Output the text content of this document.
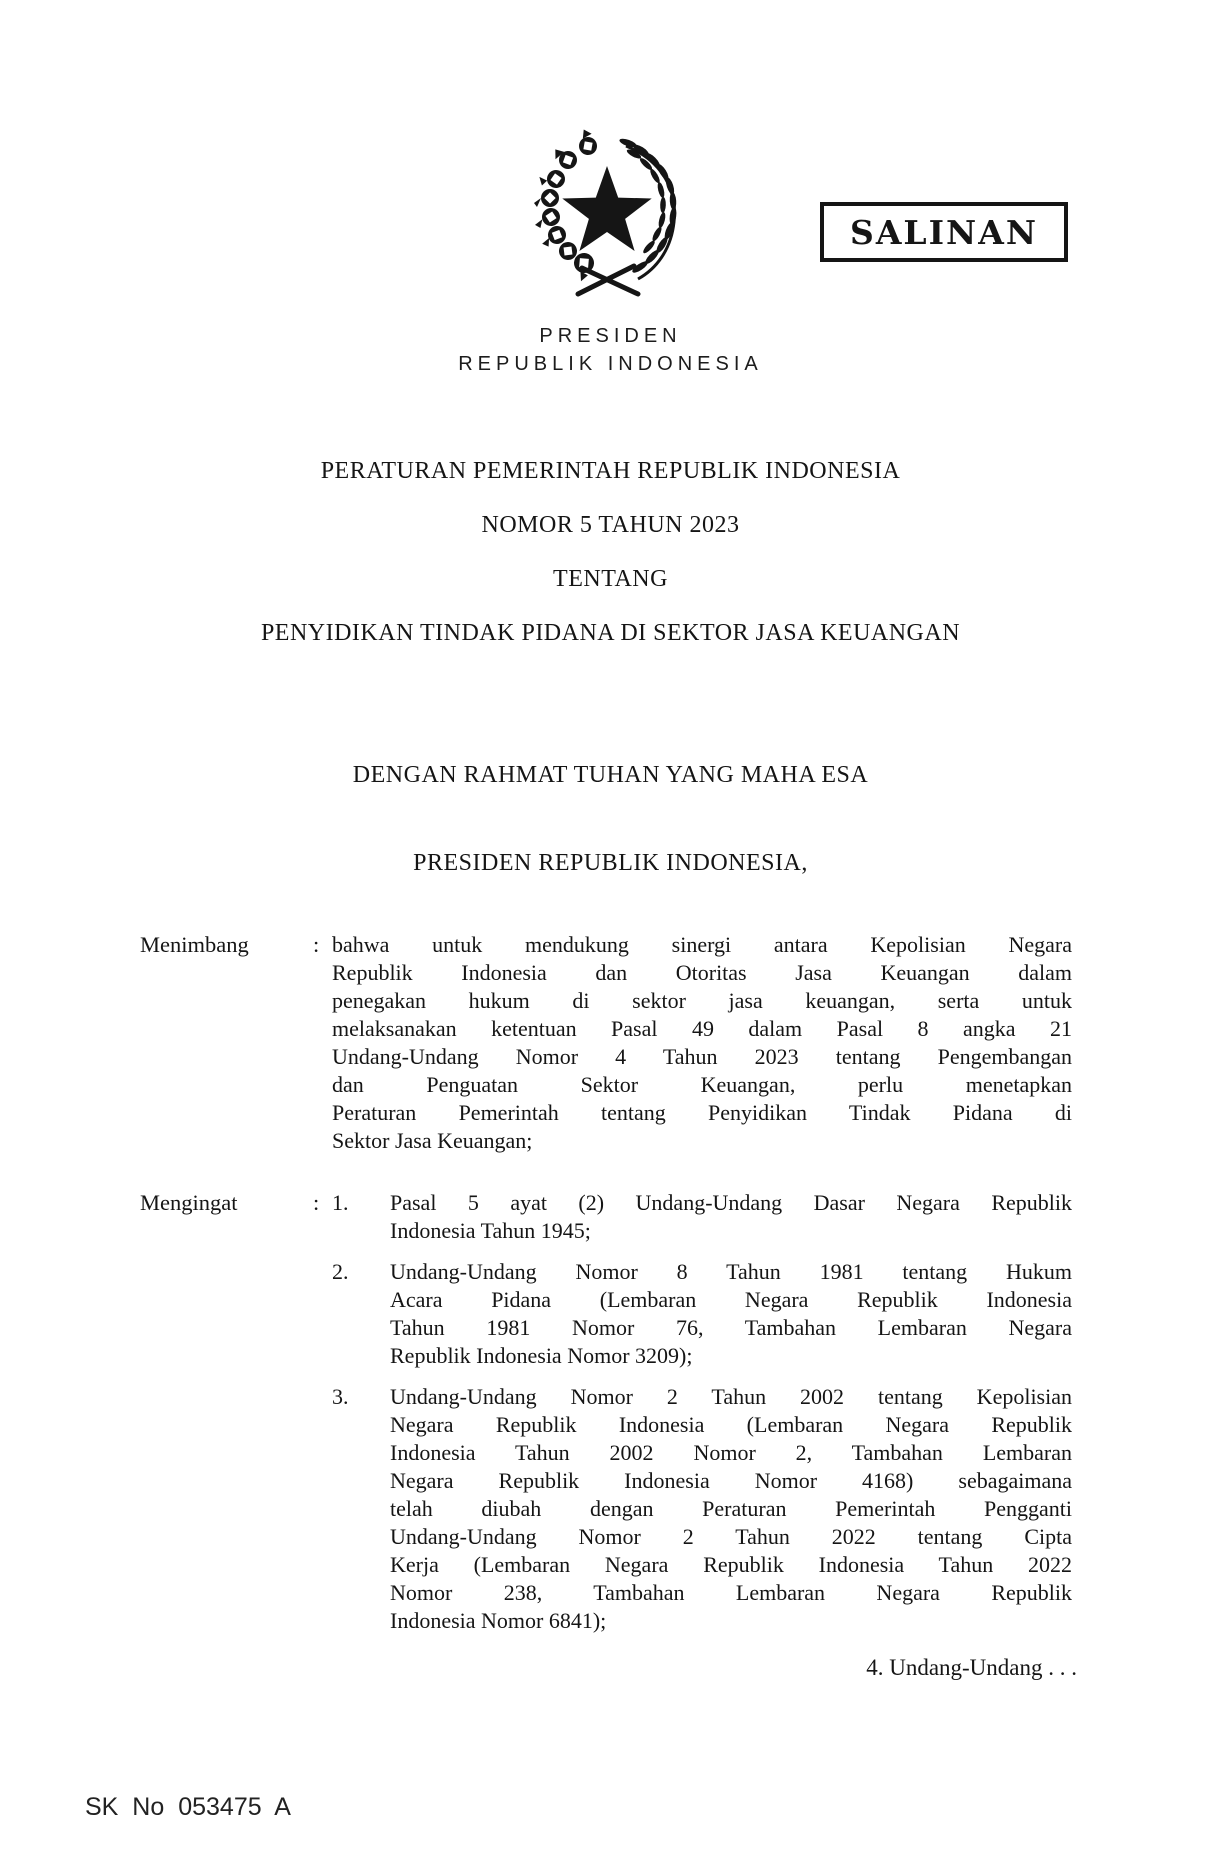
SALINAN
PRESIDEN
REPUBLIK INDONESIA
PERATURAN PEMERINTAH REPUBLIK INDONESIA
NOMOR 5 TAHUN 2023
TENTANG
PENYIDIKAN TINDAK PIDANA DI SEKTOR JASA KEUANGAN
DENGAN RAHMAT TUHAN YANG MAHA ESA
PRESIDEN REPUBLIK INDONESIA,
Menimbang	: bahwa untuk mendukung sinergi antara Kepolisian Negara
Republik Indonesia dan Otoritas Jasa Keuangan dalam
penegakan hukum di sektor jasa keuangan, serta untuk
melaksanakan ketentuan Pasal 49 dalam Pasal 8 angka 21
Undang-Undang Nomor 4 Tahun 2023 tentang Pengembangan
dan Penguatan Sektor Keuangan, perlu menetapkan
Peraturan Pemerintah tentang Penyidikan Tindak Pidana di
Sektor Jasa Keuangan;
Mengingat	: 1. Pasal 5 ayat (2) Undang-Undang Dasar Negara Republik
Indonesia Tahun 1945;
2. Undang-Undang Nomor 8 Tahun 1981 tentang Hukum
Acara Pidana (Lembaran Negara Republik Indonesia
Tahun 1981 Nomor 76, Tambahan Lembaran Negara
Republik Indonesia Nomor 3209);
3. Undang-Undang Nomor 2 Tahun 2002 tentang Kepolisian
Negara Republik Indonesia (Lembaran Negara Republik
Indonesia Tahun 2002 Nomor 2, Tambahan Lembaran
Negara Republik Indonesia Nomor 4168) sebagaimana
telah diubah dengan Peraturan Pemerintah Pengganti
Undang-Undang Nomor 2 Tahun 2022 tentang Cipta
Kerja (Lembaran Negara Republik Indonesia Tahun 2022
Nomor 238, Tambahan Lembaran Negara Republik
Indonesia Nomor 6841);
4. Undang-Undang . . .
SK No 053475 A
